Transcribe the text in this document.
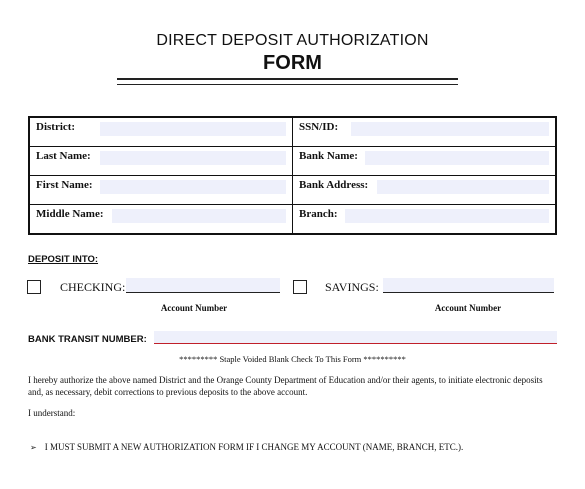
DIRECT DEPOSIT AUTHORIZATION
FORM
District:	SSN/ID:

Last Name:	Bank Name:

First Name:	Bank Address:

Middle Name:	Branch:
DEPOSIT INTO:
CHECKING:
Account Number
SAVINGS:
Account Number
BANK TRANSIT NUMBER:
********* Staple Voided Blank Check To This Form **********
I hereby authorize the above named District and the Orange County Department of Education and/or their agents, to initiate electronic deposits and, as necessary, debit corrections to previous deposits to the above account.
I understand:
➢ I MUST SUBMIT A NEW AUTHORIZATION FORM IF I CHANGE MY ACCOUNT (NAME, BRANCH, ETC.).
